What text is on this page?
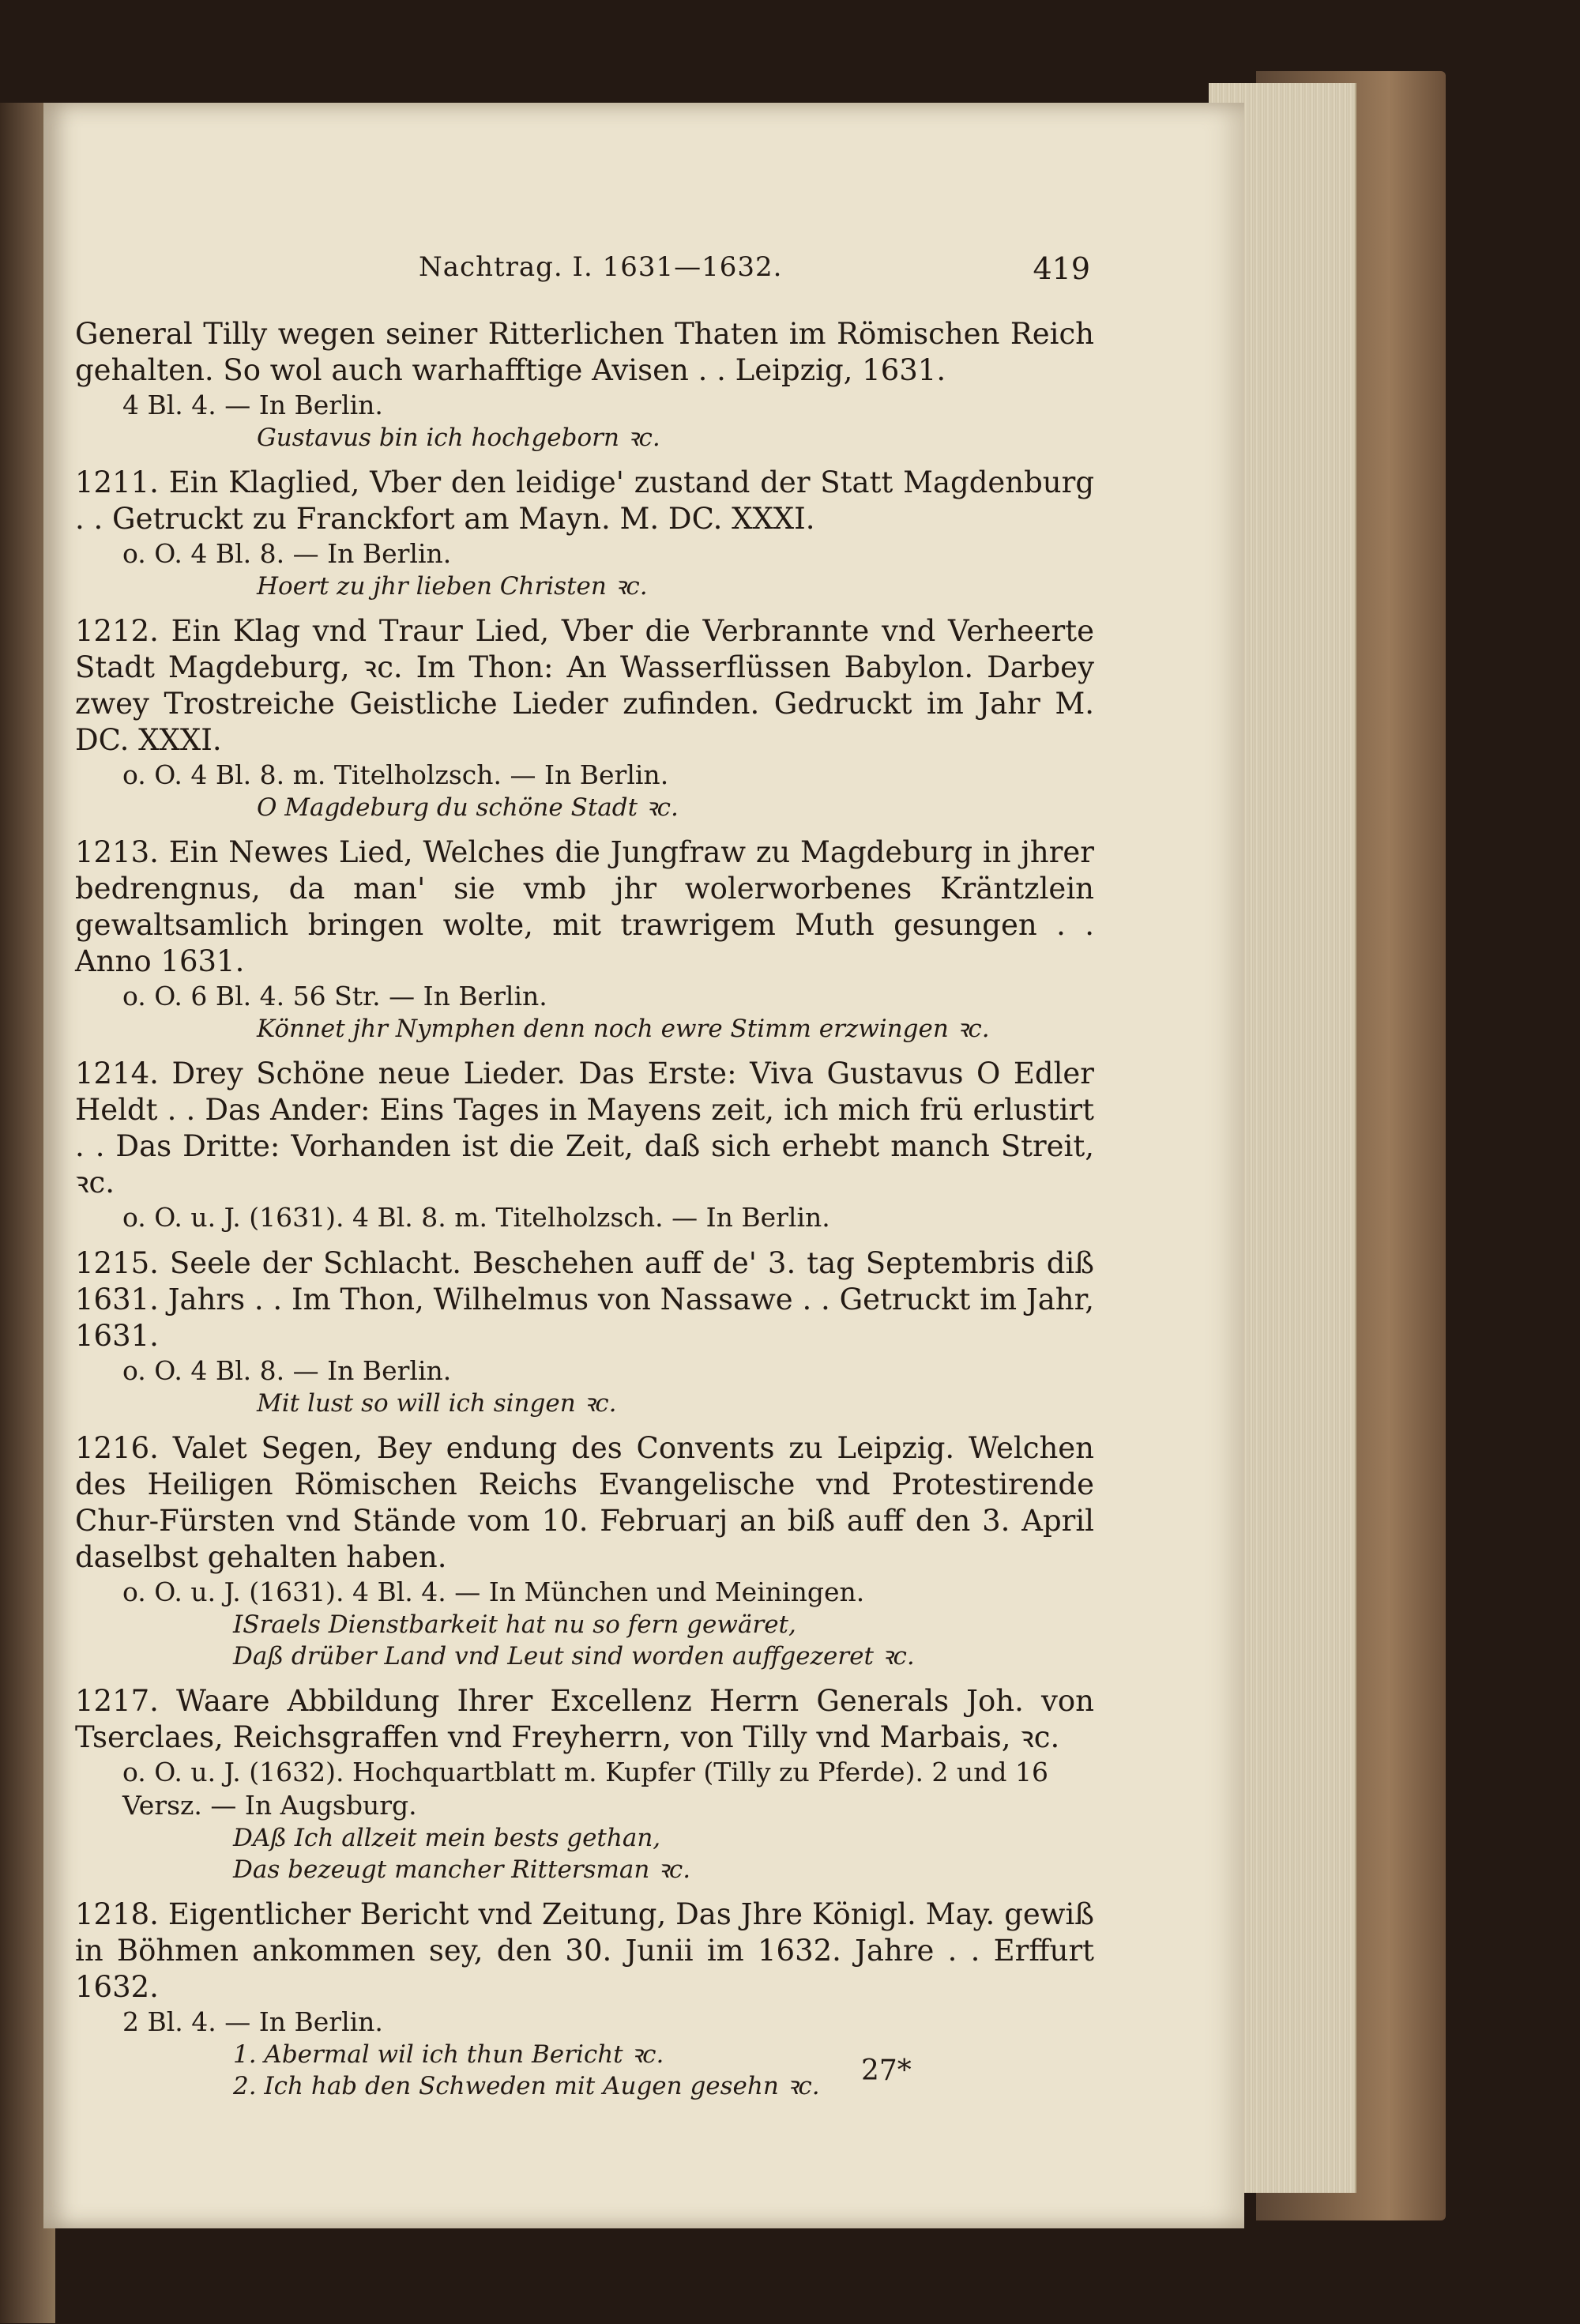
Nachtrag. I. 1631—1632.	419

General Tilly wegen seiner Ritterlichen Thaten im Römischen Reich gehalten. So wol auch warhafftige Avisen . . Leipzig, 1631.

4 Bl. 4. — In Berlin.

Gustavus bin ich hochgeborn ꝛc.

1211. Ein Klaglied, Vber den leidige' zustand der Statt Magdenburg . . Getruckt zu Franckfort am Mayn. M. DC. XXXI.

o. O. 4 Bl. 8. — In Berlin.

Hoert zu jhr lieben Christen ꝛc.

1212. Ein Klag vnd Traur Lied, Vber die Verbrannte vnd Verheerte Stadt Magdeburg, ꝛc. Im Thon: An Wasserflüssen Babylon. Darbey zwey Trostreiche Geistliche Lieder zufinden. Gedruckt im Jahr M. DC. XXXI.

o. O. 4 Bl. 8. m. Titelholzsch. — In Berlin.

O Magdeburg du schöne Stadt ꝛc.

1213. Ein Newes Lied, Welches die Jungfraw zu Magdeburg in jhrer bedrengnus, da man' sie vmb jhr wolerworbenes Kräntzlein gewaltsamlich bringen wolte, mit trawrigem Muth gesungen . . Anno 1631.

o. O. 6 Bl. 4. 56 Str. — In Berlin.

Könnet jhr Nymphen denn noch ewre Stimm erzwingen ꝛc.

1214. Drey Schöne neue Lieder. Das Erste: Viva Gustavus O Edler Heldt . . Das Ander: Eins Tages in Mayens zeit, ich mich frü erlustirt . . Das Dritte: Vorhanden ist die Zeit, daß sich erhebt manch Streit, ꝛc.

o. O. u. J. (1631). 4 Bl. 8. m. Titelholzsch. — In Berlin.

1215. Seele der Schlacht. Beschehen auff de' 3. tag Septembris diß 1631. Jahrs . . Im Thon, Wilhelmus von Nassawe . . Getruckt im Jahr, 1631.

o. O. 4 Bl. 8. — In Berlin.

Mit lust so will ich singen ꝛc.

1216. Valet Segen, Bey endung des Convents zu Leipzig. Welchen des Heiligen Römischen Reichs Evangelische vnd Protestirende Chur-Fürsten vnd Stände vom 10. Februarj an biß auff den 3. April daselbst gehalten haben.

o. O. u. J. (1631). 4 Bl. 4. — In München und Meiningen.

ISraels Dienstbarkeit hat nu so fern gewäret,

Daß drüber Land vnd Leut sind worden auffgezeret ꝛc.

1217. Waare Abbildung Ihrer Excellenz Herrn Generals Joh. von Tserclaes, Reichsgraffen vnd Freyherrn, von Tilly vnd Marbais, ꝛc.

o. O. u. J. (1632). Hochquartblatt m. Kupfer (Tilly zu Pferde). 2 und 16 Versz. — In Augsburg.

DAß Ich allzeit mein bests gethan,

Das bezeugt mancher Rittersman ꝛc.

1218. Eigentlicher Bericht vnd Zeitung, Das Jhre Königl. May. gewiß in Böhmen ankommen sey, den 30. Junii im 1632. Jahre . . Erffurt 1632.

2 Bl. 4. — In Berlin.

1. Abermal wil ich thun Bericht ꝛc.

2. Ich hab den Schweden mit Augen gesehn ꝛc.	27*
